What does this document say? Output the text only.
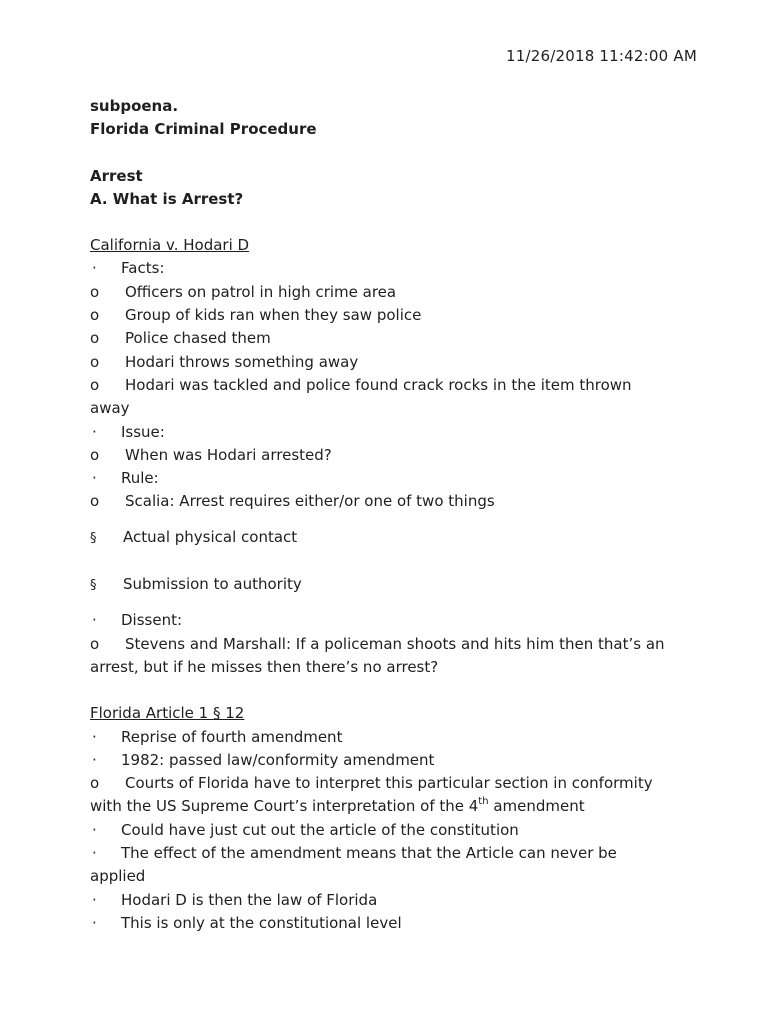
11/26/2018 11:42:00 AM

subpoena.

Florida Criminal Procedure

Arrest

A. What is Arrest?

California v. Hodari D

·	Facts:
o	Officers on patrol in high crime area
o	Group of kids ran when they saw police
o	Police chased them
o	Hodari throws something away
o	Hodari was tackled and police found crack rocks in the item thrown

away

·	Issue:
o	When was Hodari arrested?
·	Rule:
o	Scalia: Arrest requires either/or one of two things
§	Actual physical contact
§	Submission to authority
·	Dissent:
o	Stevens and Marshall: If a policeman shoots and hits him then that’s an

arrest, but if he misses then there’s no arrest?

Florida Article 1 § 12

·	Reprise of fourth amendment
·	1982: passed law/conformity amendment
o	Courts of Florida have to interpret this particular section in conformity

with the US Supreme Court’s interpretation of the 4th amendment

·	Could have just cut out the article of the constitution
·	The effect of the amendment means that the Article can never be

applied

·	Hodari D is then the law of Florida
·	This is only at the constitutional level
